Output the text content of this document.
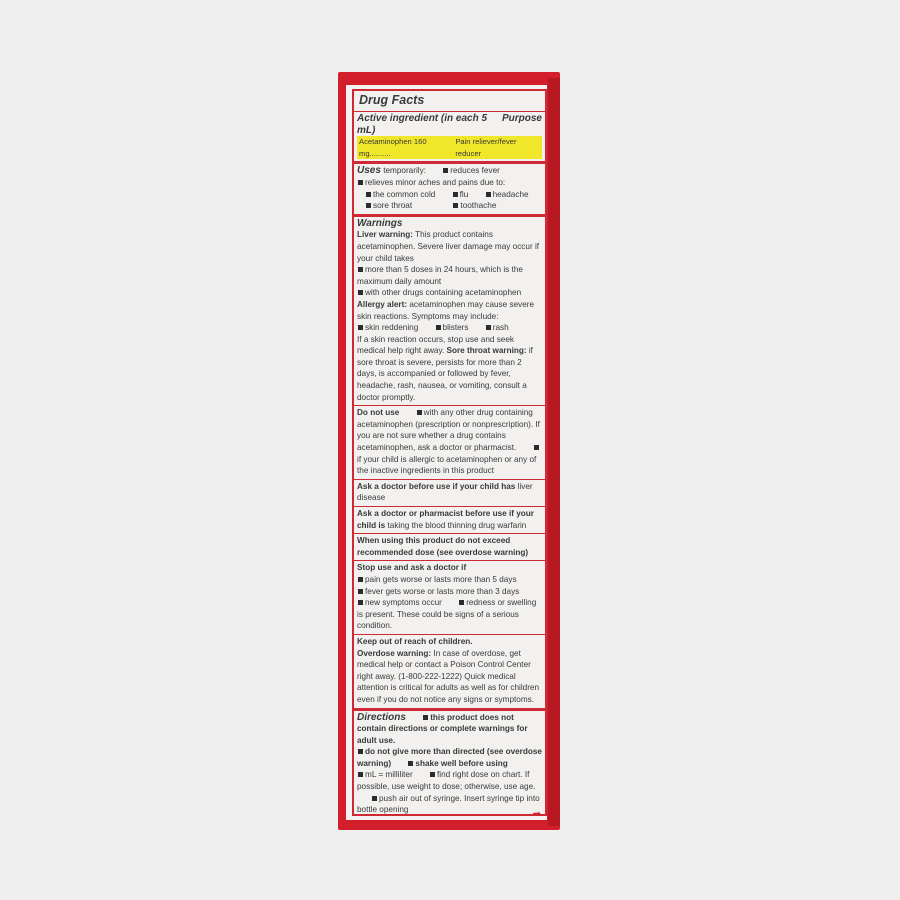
Drug Facts
Active ingredient (in each 5 mL)
Purpose
Acetaminophen 160 mg..........
Pain reliever/fever reducer
Uses temporarily:	reduces fever
relieves minor aches and pains due to:
the common cold	flu	headache
sore throat	toothache
Warnings
Liver warning: This product contains acetaminophen. Severe liver damage may occur if your child takes
more than 5 doses in 24 hours, which is the maximum daily amount
with other drugs containing acetaminophen
Allergy alert: acetaminophen may cause severe skin reactions. Symptoms may include:
skin reddening	blisters	rash
If a skin reaction occurs, stop use and seek medical help right away. Sore throat warning: if sore throat is severe, persists for more than 2 days, is accompanied or followed by fever, headache, rash, nausea, or vomiting, consult a doctor promptly.
Do not use	with any other drug containing acetaminophen (prescription or nonprescription). If you are not sure whether a drug contains acetaminophen, ask a doctor or pharmacist. if your child is allergic to acetaminophen or any of the inactive ingredients in this product
Ask a doctor before use if your child has liver disease
Ask a doctor or pharmacist before use if your child is taking the blood thinning drug warfarin
When using this product do not exceed recommended dose (see overdose warning)
Stop use and ask a doctor if
pain gets worse or lasts more than 5 days
fever gets worse or lasts more than 3 days
new symptoms occur	redness or swelling is present. These could be signs of a serious condition.
Keep out of reach of children.
Overdose warning: In case of overdose, get medical help or contact a Poison Control Center right away. (1-800-222-1222) Quick medical attention is critical for adults as well as for children even if you do not notice any signs or symptoms.
Directions	this product does not contain directions or complete warnings for adult use.
do not give more than directed (see overdose warning)	shake well before using
mL = milliliter	find right dose on chart. If possible, use weight to dose; otherwise, use age. push air out of syringe. Insert syringe tip into bottle opening	➡
